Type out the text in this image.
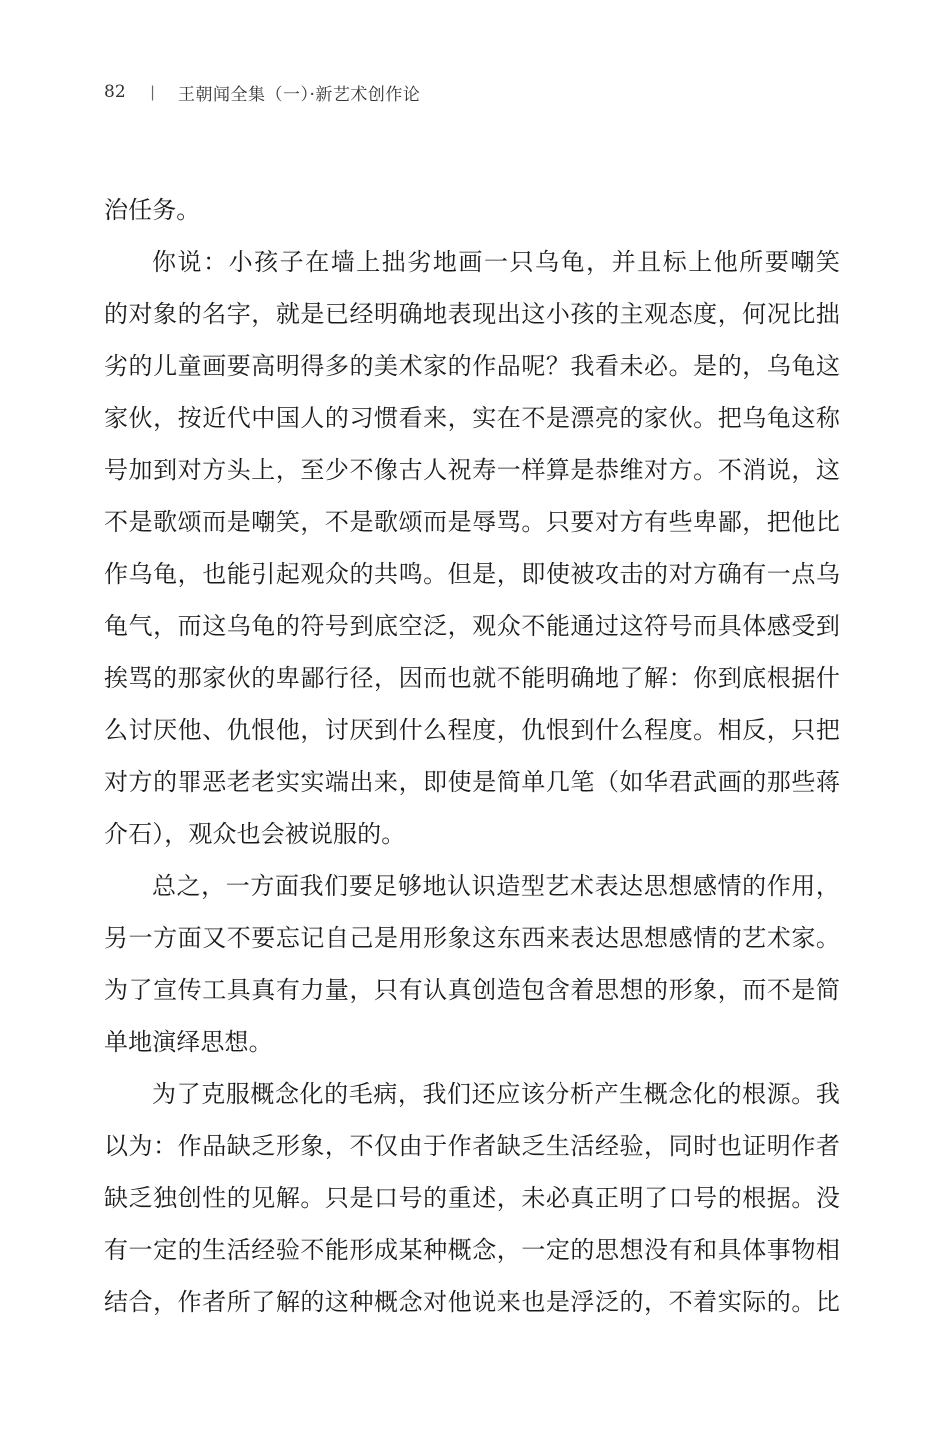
82	|	王朝闻全集（一）·新艺术创作论
治任务。
你说：小孩子在墙上拙劣地画一只乌龟，并且标上他所要嘲笑
的对象的名字，就是已经明确地表现出这小孩的主观态度，何况比拙
劣的儿童画要高明得多的美术家的作品呢？我看未必。是的，乌龟这
家伙，按近代中国人的习惯看来，实在不是漂亮的家伙。把乌龟这称
号加到对方头上，至少不像古人祝寿一样算是恭维对方。不消说，这
不是歌颂而是嘲笑，不是歌颂而是辱骂。只要对方有些卑鄙，把他比
作乌龟，也能引起观众的共鸣。但是，即使被攻击的对方确有一点乌
龟气，而这乌龟的符号到底空泛，观众不能通过这符号而具体感受到
挨骂的那家伙的卑鄙行径，因而也就不能明确地了解：你到底根据什
么讨厌他、仇恨他，讨厌到什么程度，仇恨到什么程度。相反，只把
对方的罪恶老老实实端出来，即使是简单几笔（如华君武画的那些蒋
介石），观众也会被说服的。
总之，一方面我们要足够地认识造型艺术表达思想感情的作用，
另一方面又不要忘记自己是用形象这东西来表达思想感情的艺术家。
为了宣传工具真有力量，只有认真创造包含着思想的形象，而不是简
单地演绎思想。
为了克服概念化的毛病，我们还应该分析产生概念化的根源。我
以为：作品缺乏形象，不仅由于作者缺乏生活经验，同时也证明作者
缺乏独创性的见解。只是口号的重述，未必真正明了口号的根据。没
有一定的生活经验不能形成某种概念，一定的思想没有和具体事物相
结合，作者所了解的这种概念对他说来也是浮泛的，不着实际的。比
